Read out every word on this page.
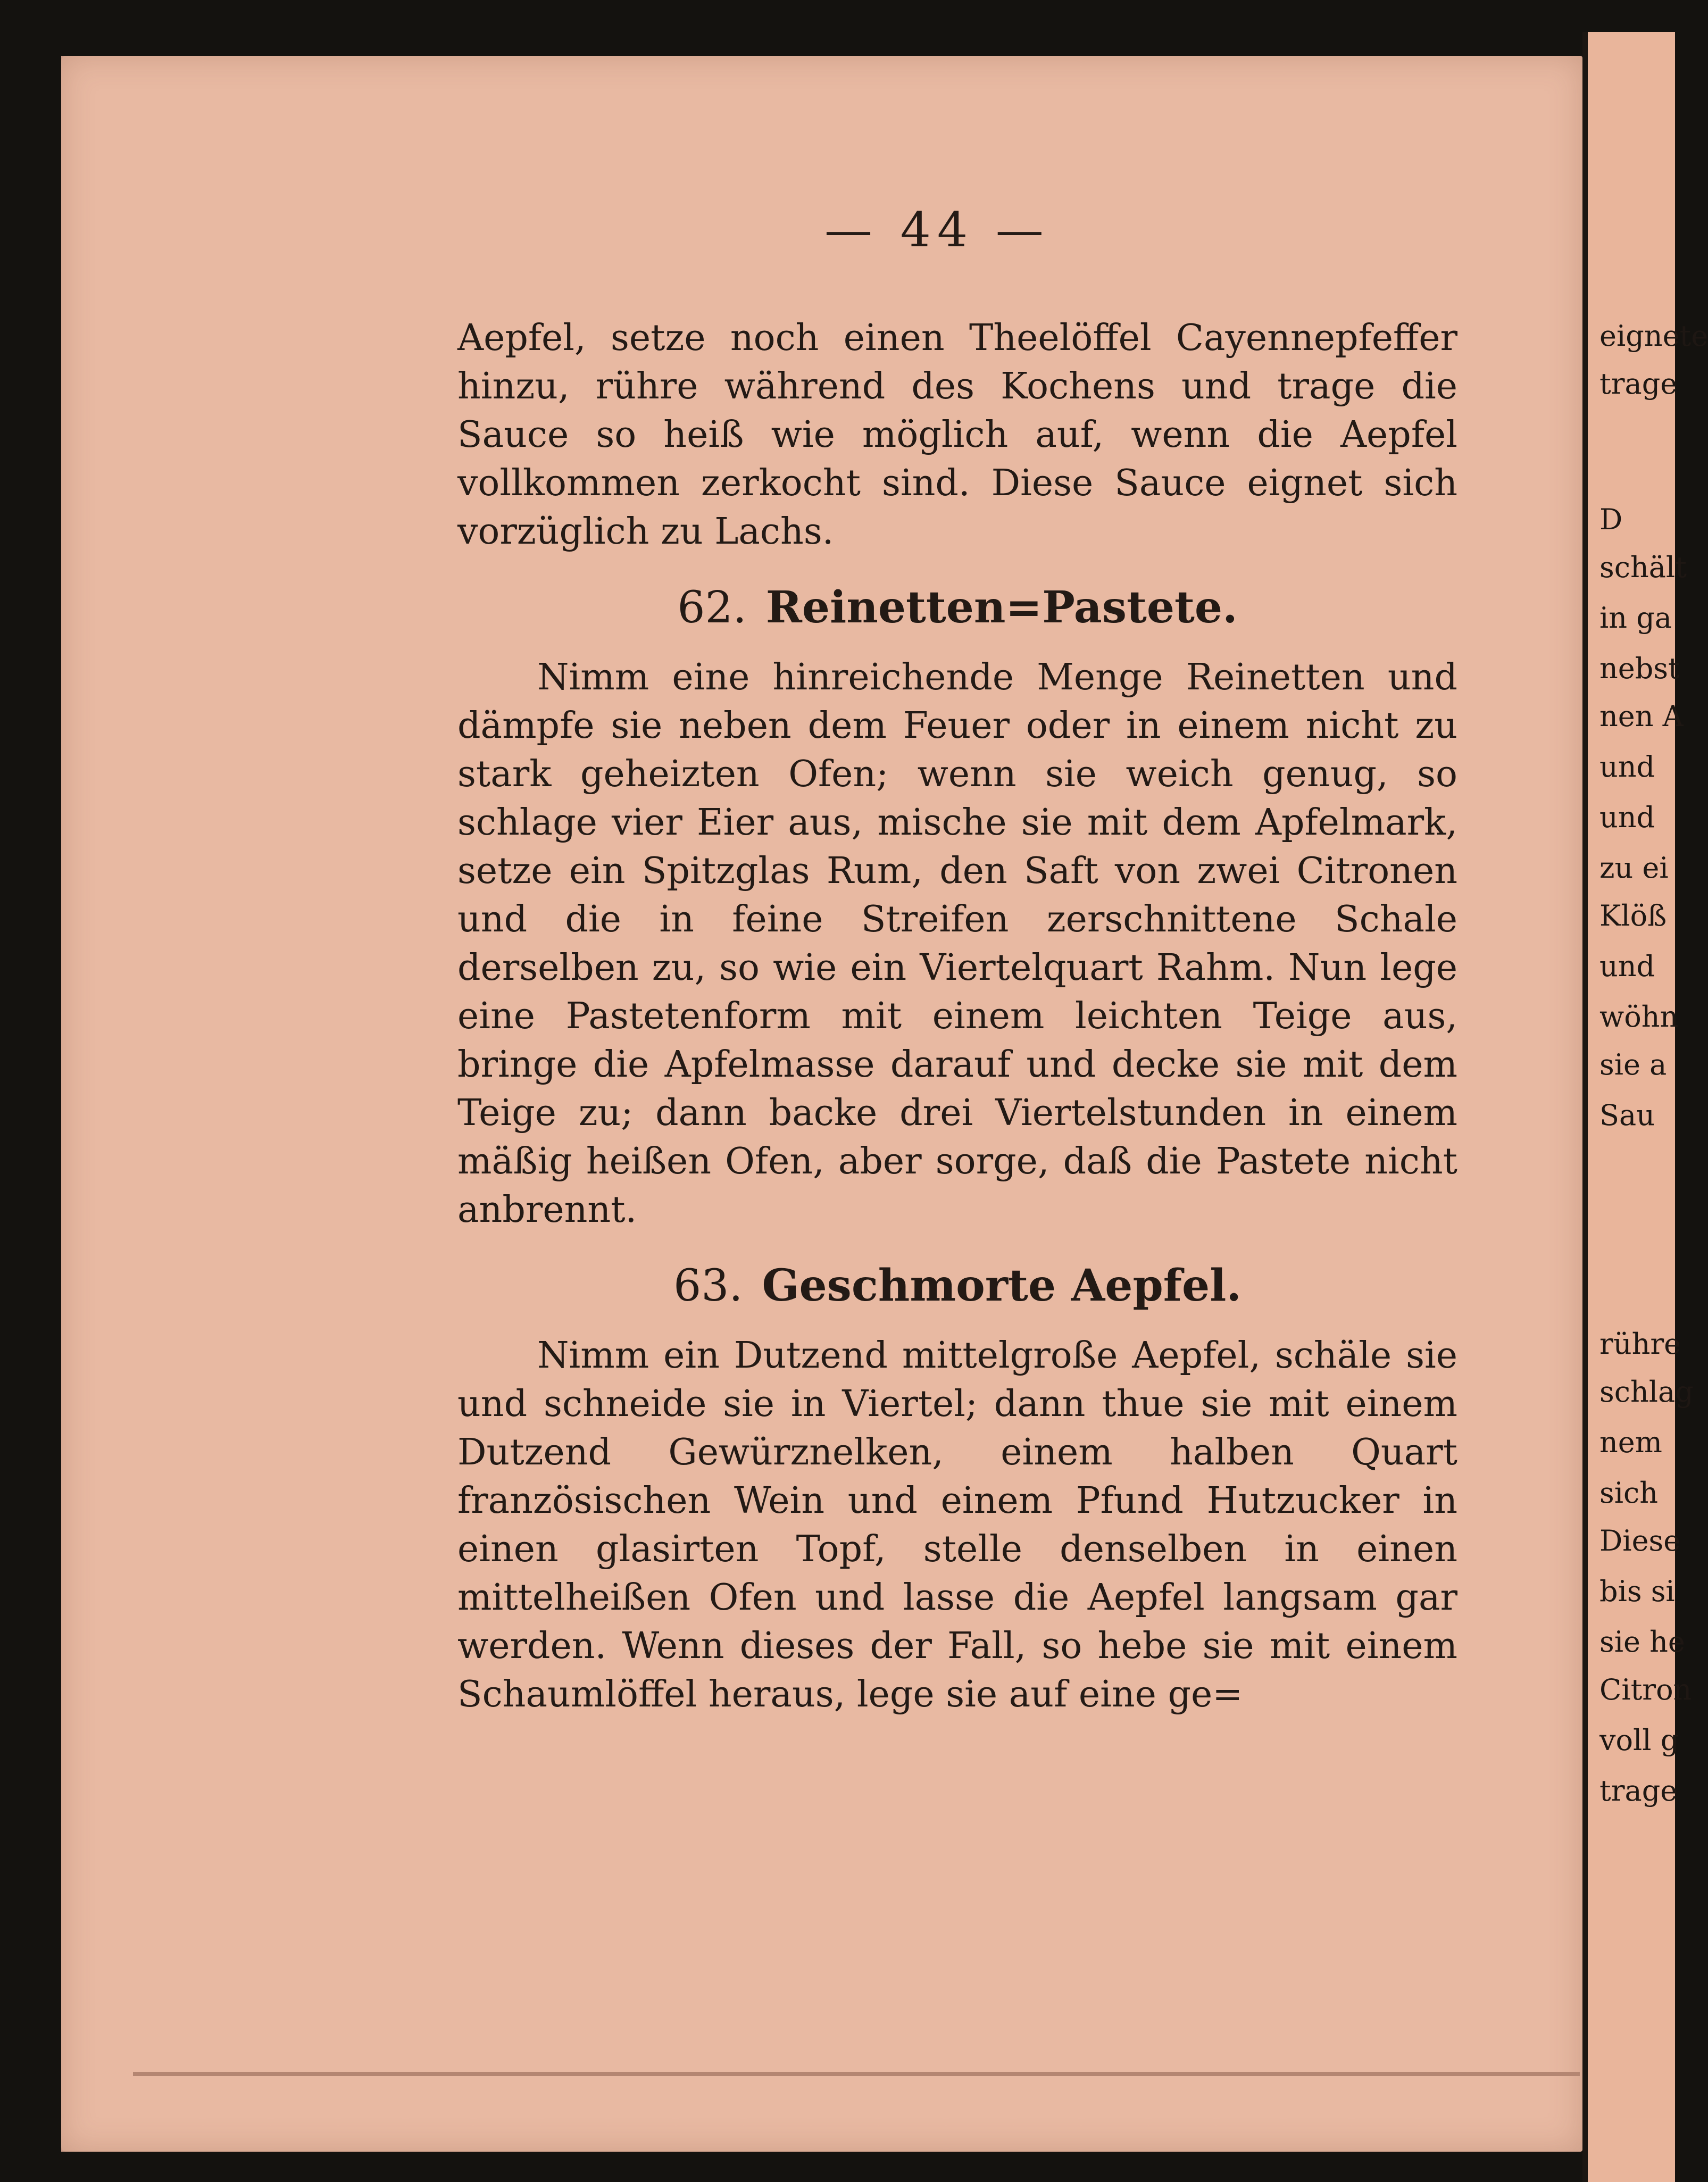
— 44 —

Aepfel, setze noch einen Theelöffel Cayennepfeffer hinzu, rühre während des Kochens und trage die Sauce so heiß wie möglich auf, wenn die Aepfel vollkommen zerkocht sind. Diese Sauce eignet sich vorzüglich zu Lachs.

62. Reinetten=Pastete.

Nimm eine hinreichende Menge Reinetten und dämpfe sie neben dem Feuer oder in einem nicht zu stark geheizten Ofen; wenn sie weich genug, so schlage vier Eier aus, mische sie mit dem Apfelmark, setze ein Spitzglas Rum, den Saft von zwei Citronen und die in feine Streifen zerschnittene Schale derselben zu, so wie ein Viertelquart Rahm. Nun lege eine Pastetenform mit einem leichten Teige aus, bringe die Apfelmasse darauf und decke sie mit dem Teige zu; dann backe drei Viertelstunden in einem mäßig heißen Ofen, aber sorge, daß die Pastete nicht anbrennt.

63. Geschmorte Aepfel.

Nimm ein Dutzend mittelgroße Aepfel, schäle sie und schneide sie in Viertel; dann thue sie mit einem Dutzend Gewürznelken, einem halben Quart französischen Wein und einem Pfund Hutzucker in einen glasirten Topf, stelle denselben in einen mittelheißen Ofen und lasse die Aepfel langsam gar werden. Wenn dieses der Fall, so hebe sie mit einem Schaumlöffel heraus, lege sie auf eine ge=

eignete
trage
D
schält
in ga
nebst
nen A
und
und
zu ei
Klöß
und
wöhn
sie a
Sau
rühre
schlag
nem
sich
Diese
bis si
sie he
Citron
voll g
trage
